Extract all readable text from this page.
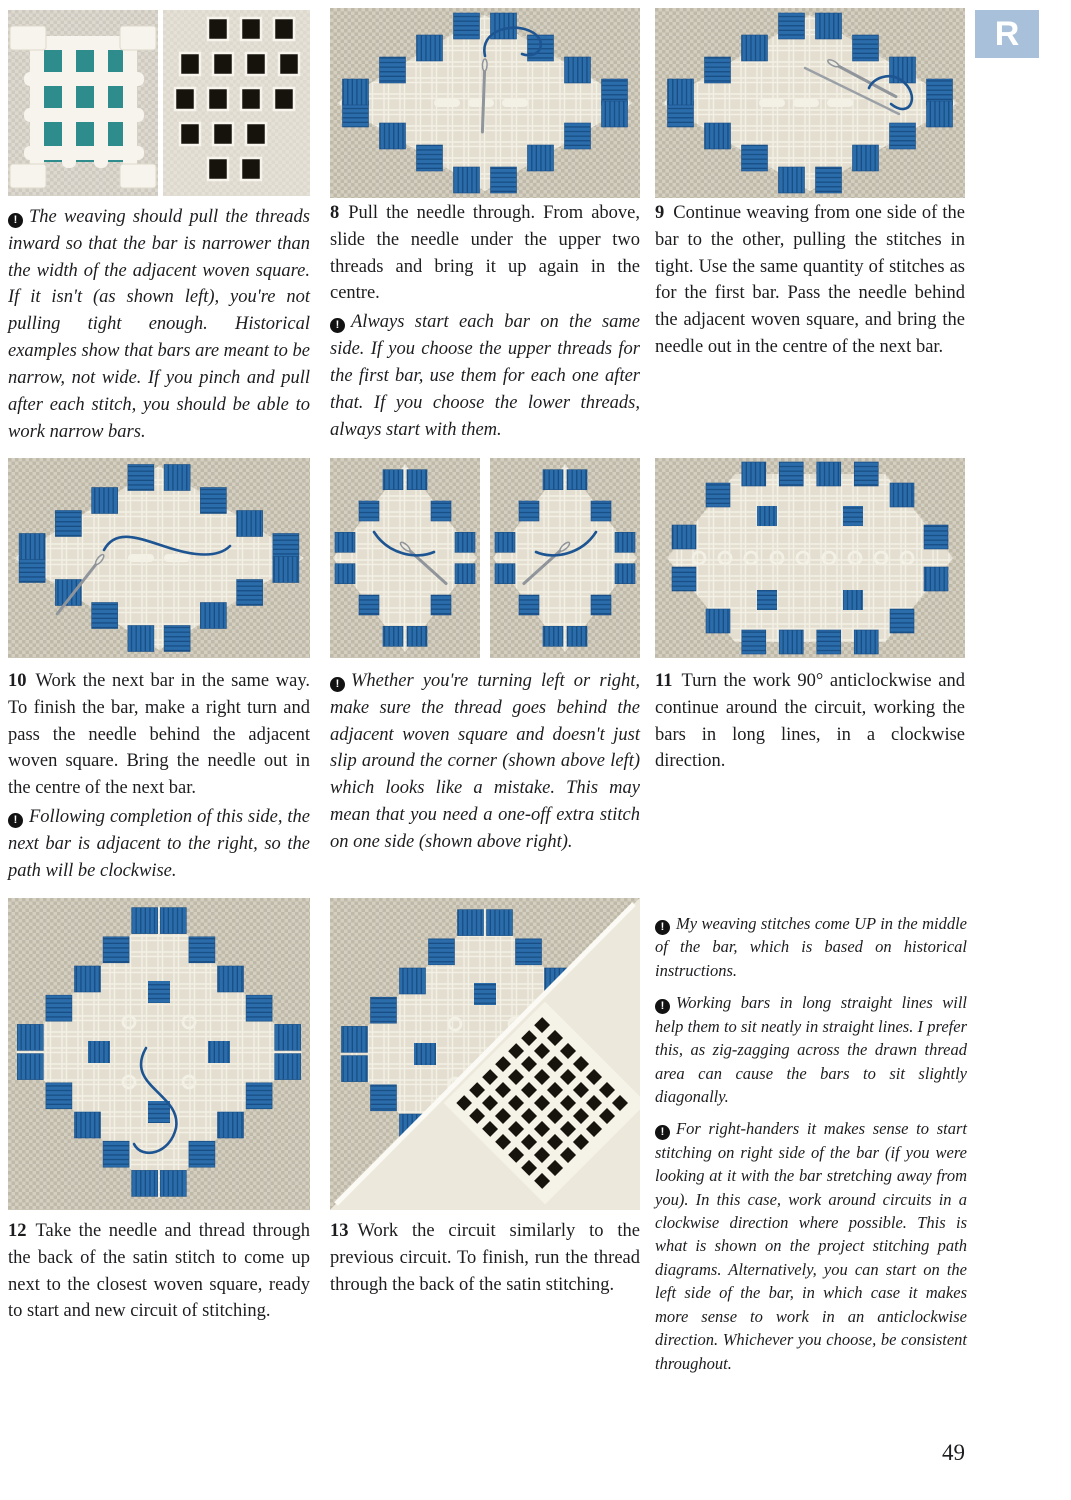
R

! The weaving should pull the threads inward so that the bar is narrower than the width of the adjacent woven square. If it isn't (as shown left), you're not pulling tight enough. Historical examples show that bars are meant to be narrow, not wide. If you pinch and pull after each stitch, you should be able to work narrow bars.

8 Pull the needle through. From above, slide the needle under the upper two threads and bring it up again in the centre.

! Always start each bar on the same side. If you choose the upper threads for the first bar, use them for each one after that. If you choose the lower threads, always start with them.

9 Continue weaving from one side of the bar to the other, pulling the stitches in tight. Use the same quantity of stitches as for the first bar. Pass the needle behind the adjacent woven square, and bring the needle out in the centre of the next bar.

10 Work the next bar in the same way. To finish the bar, make a right turn and pass the needle behind the adjacent woven square. Bring the needle out in the centre of the next bar.

! Following completion of this side, the next bar is adjacent to the right, so the path will be clockwise.

! Whether you're turning left or right, make sure the thread goes behind the adjacent woven square and doesn't just slip around the corner (shown above left) which looks like a mistake. This may mean that you need a one-off extra stitch on one side (shown above right).

11 Turn the work 90° anticlockwise and continue around the circuit, working the bars in long lines, in a clockwise direction.

12 Take the needle and thread through the back of the satin stitch to come up next to the closest woven square, ready to start and new circuit of stitching.

13 Work the circuit similarly to the previous circuit. To finish, run the thread through the back of the satin stitching.

! My weaving stitches come UP in the middle of the bar, which is based on historical instructions.

! Working bars in long straight lines will help them to sit neatly in straight lines. I prefer this, as zig-zagging across the drawn thread area can cause the bars to sit slightly diagonally.

! For right-handers it makes sense to start stitching on right side of the bar (if you were looking at it with the bar stretching away from you). In this case, work around circuits in a clockwise direction where possible. This is what is shown on the project stitching path diagrams. Alternatively, you can start on the left side of the bar, in which case it makes more sense to work in an anticlockwise direction. Whichever you choose, be consistent throughout.

49
